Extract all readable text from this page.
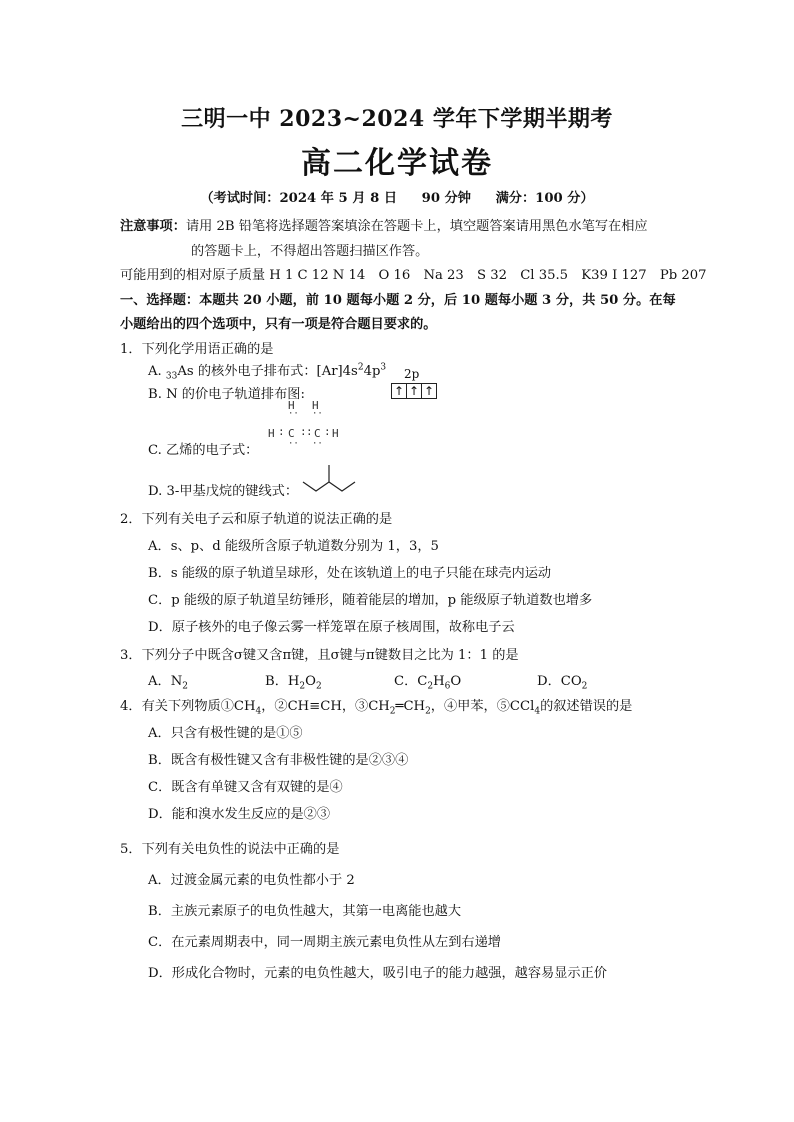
三明一中 2023~2024 学年下学期半期考
高二化学试卷
（考试时间：2024 年 5 月 8 日 90 分钟 满分：100 分）
注意事项：请用 2B 铅笔将选择题答案填涂在答题卡上，填空题答案请用黑色水笔写在相应
的答题卡上，不得超出答题扫描区作答。
可能用到的相对原子质量 H 1 C 12 N 14　O 16　Na 23　S 32　Cl 35.5　K39 I 127　Pb 207
一、选择题：本题共 20 小题，前 10 题每小题 2 分，后 10 题每小题 3 分，共 50 分。在每
小题给出的四个选项中，只有一项是符合题目要求的。
1．下列化学用语正确的是
A. $_{33}$As 的核外电子排布式：$[Ar]4s^24p^3$
B. N 的价电子轨道排布图:
2p
↑ ↑ ↑
H H
·· ··
H : C : : C : H
·· ··
C. 乙烯的电子式：
D. 3-甲基戊烷的键线式：
2．下列有关电子云和原子轨道的说法正确的是
A．s、p、d 能级所含原子轨道数分别为 1，3，5
B．s 能级的原子轨道呈球形，处在该轨道上的电子只能在球壳内运动
C．p 能级的原子轨道呈纺锤形，随着能层的增加，p 能级原子轨道数也增多
D．原子核外的电子像云雾一样笼罩在原子核周围，故称电子云
3．下列分子中既含σ键又含π键，且σ键与π键数目之比为 1：1 的是
A．$N_2$	B．$H_2O_2$	C．$C_2H_6O$	D．$CO_2$
4．有关下列物质$①CH_4$，②CH≡CH，$③CH_2═CH_2$，④甲苯，⑤CCl$_4$的叙述错误的是
A．只含有极性键的是①⑤
B．既含有极性键又含有非极性键的是②③④
C．既含有单键又含有双键的是④
D．能和溴水发生反应的是②③
5．下列有关电负性的说法中正确的是
A．过渡金属元素的电负性都小于 2
B．主族元素原子的电负性越大，其第一电离能也越大
C．在元素周期表中，同一周期主族元素电负性从左到右递增
D．形成化合物时，元素的电负性越大，吸引电子的能力越强，越容易显示正价
